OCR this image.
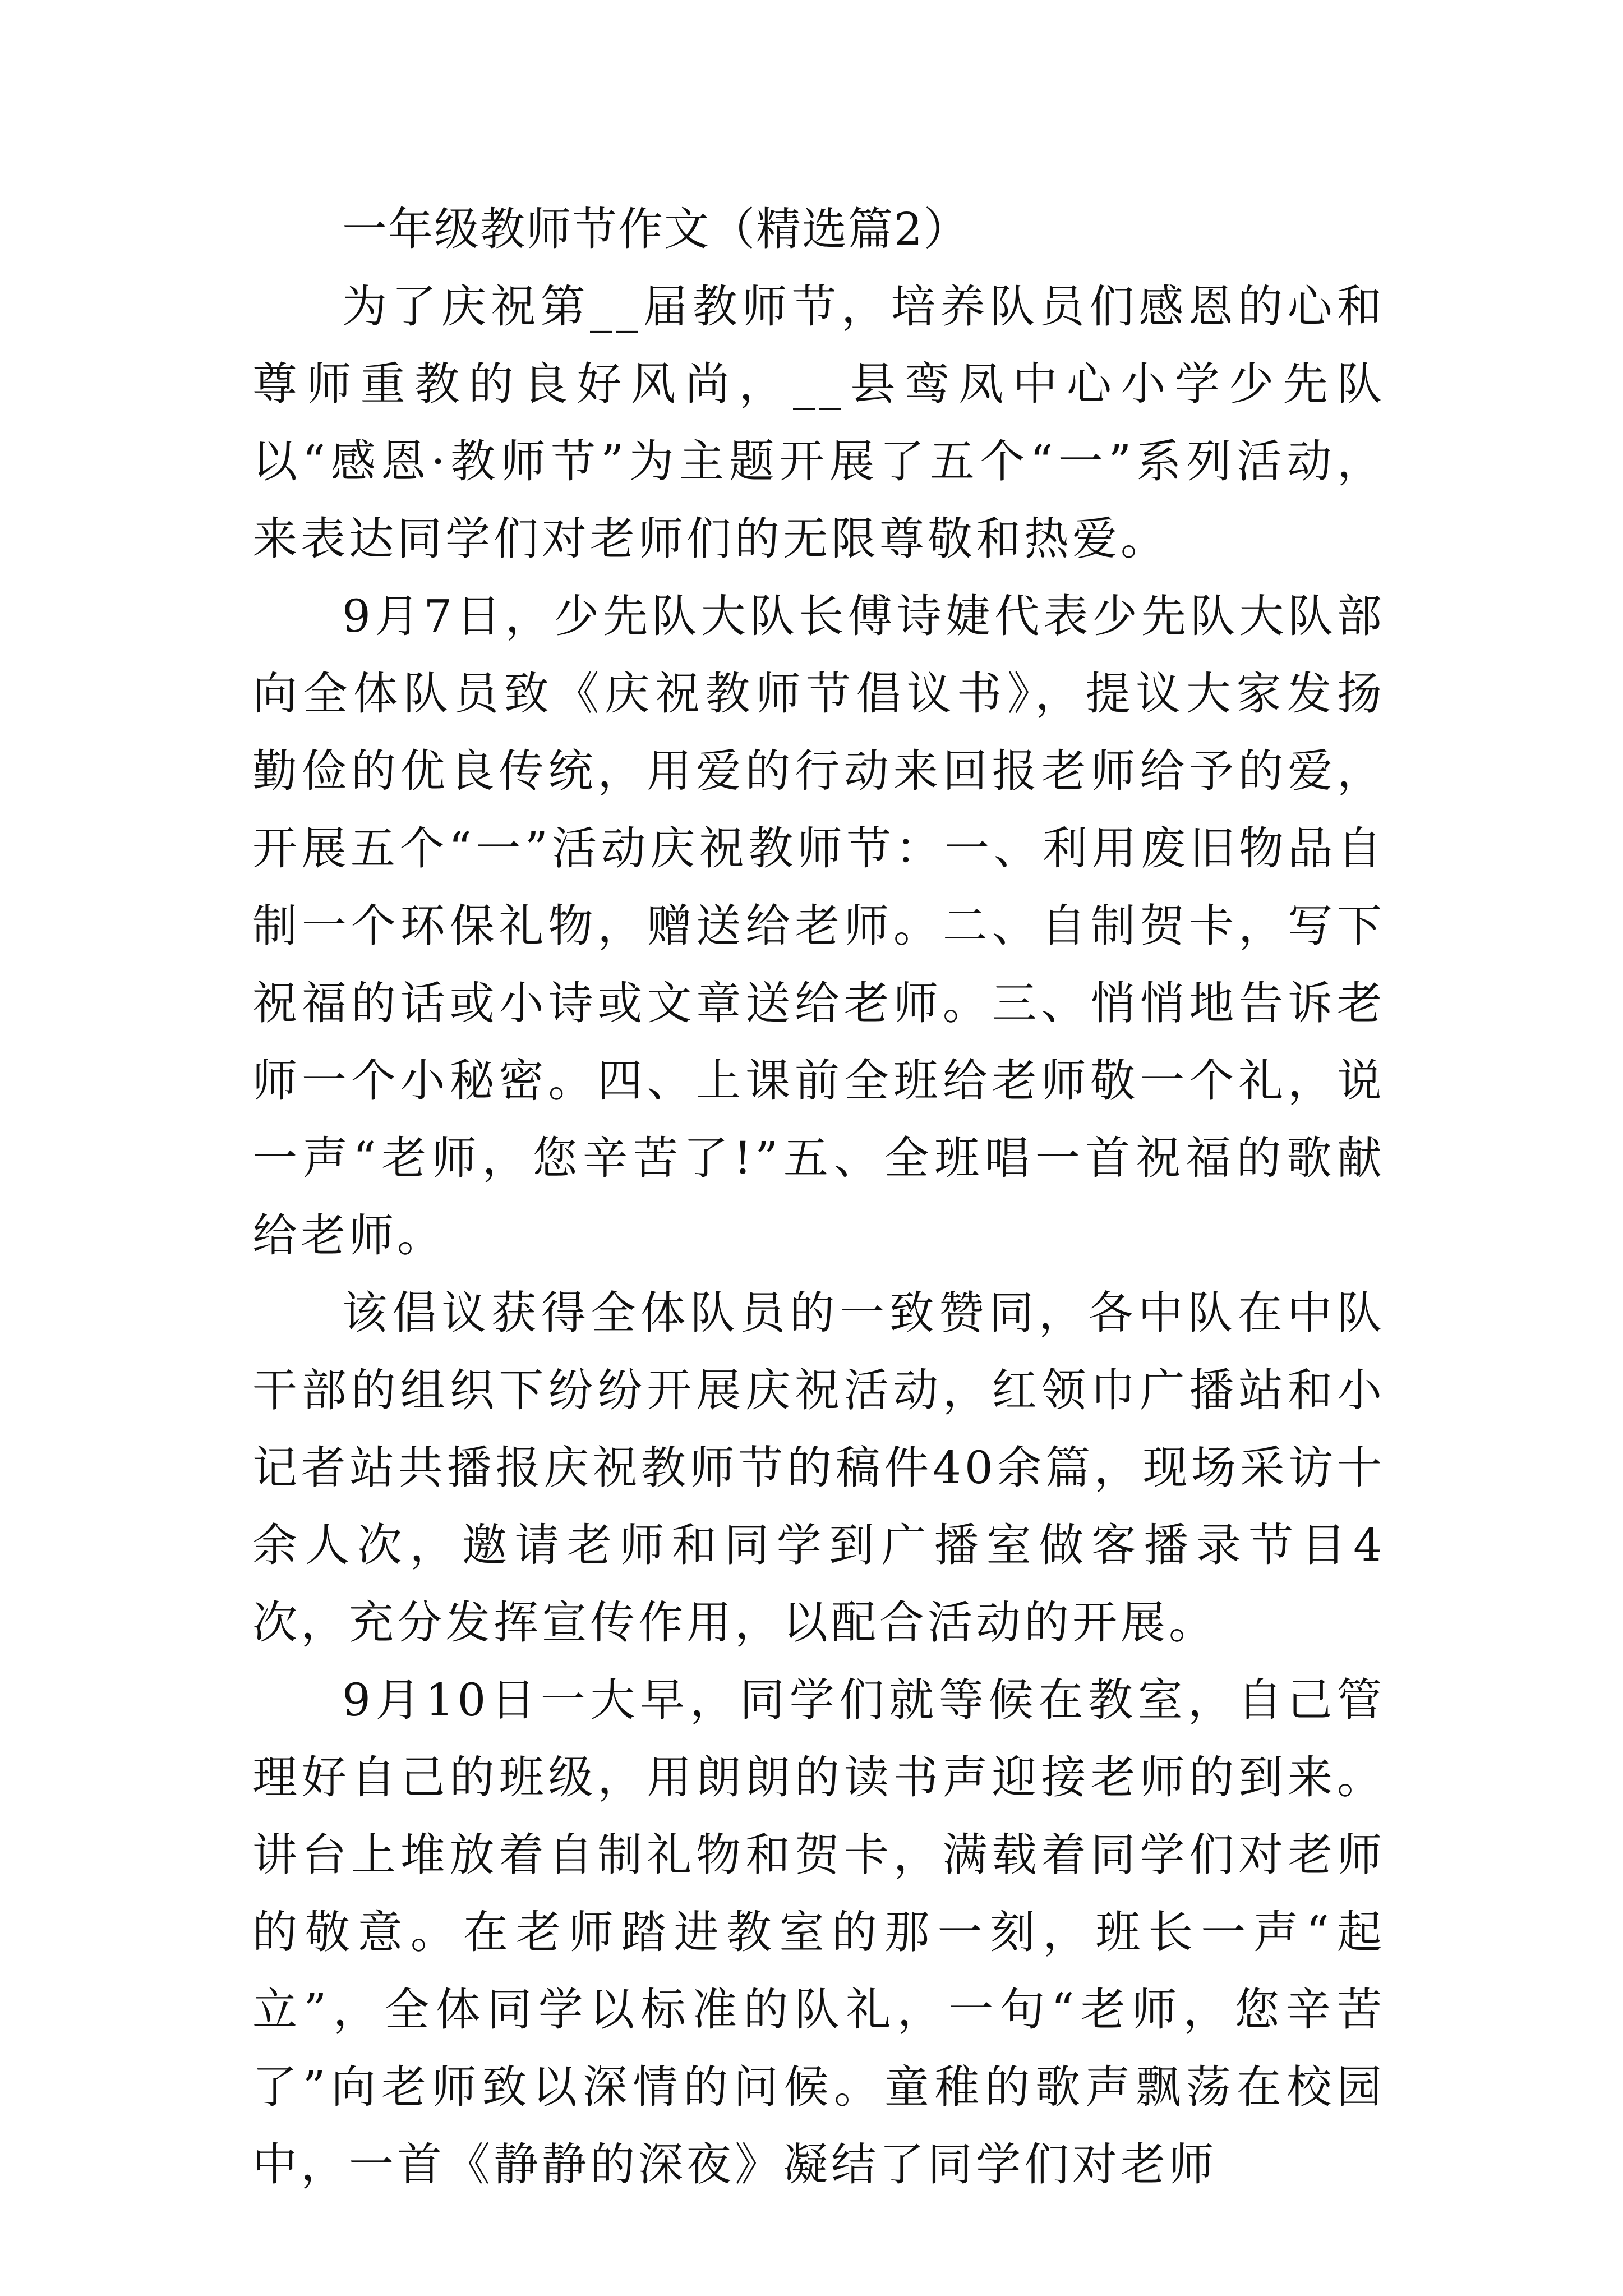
一年级教师节作文（精选篇2）

为了庆祝第__届教师节，培养队员们感恩的心和尊师重教的良好风尚，__县鸾凤中心小学少先队以“感恩·教师节”为主题开展了五个“一”系列活动，来表达同学们对老师们的无限尊敬和热爱。

9月7日，少先队大队长傅诗婕代表少先队大队部向全体队员致《庆祝教师节倡议书》，提议大家发扬勤俭的优良传统，用爱的行动来回报老师给予的爱，开展五个“一”活动庆祝教师节：一、利用废旧物品自制一个环保礼物，赠送给老师。二、自制贺卡，写下祝福的话或小诗或文章送给老师。三、悄悄地告诉老师一个小秘密。四、上课前全班给老师敬一个礼，说一声“老师，您辛苦了!”五、全班唱一首祝福的歌献给老师。

该倡议获得全体队员的一致赞同，各中队在中队干部的组织下纷纷开展庆祝活动，红领巾广播站和小记者站共播报庆祝教师节的稿件40余篇，现场采访十余人次，邀请老师和同学到广播室做客播录节目4次，充分发挥宣传作用，以配合活动的开展。

9月10日一大早，同学们就等候在教室，自己管理好自己的班级，用朗朗的读书声迎接老师的到来。讲台上堆放着自制礼物和贺卡，满载着同学们对老师的敬意。在老师踏进教室的那一刻，班长一声“起立”，全体同学以标准的队礼，一句“老师，您辛苦了”向老师致以深情的问候。童稚的歌声飘荡在校园中，一首《静静的深夜》凝结了同学们对老师
